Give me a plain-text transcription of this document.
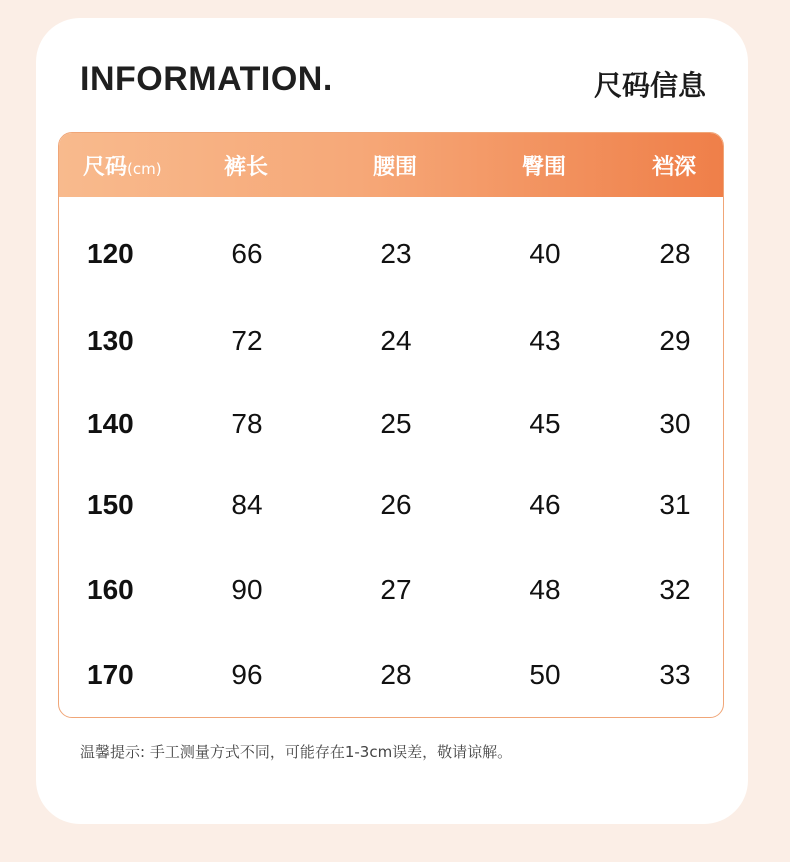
INFORMATION.	尺码信息
尺码(cm)	裤长	腰围	臀围	裆深
120	66	23	40	28
130	72	24	43	29
140	78	25	45	30
150	84	26	46	31
160	90	27	48	32
170	96	28	50	33
温馨提示: 手工测量方式不同，可能存在1-3cm误差，敬请谅解。
